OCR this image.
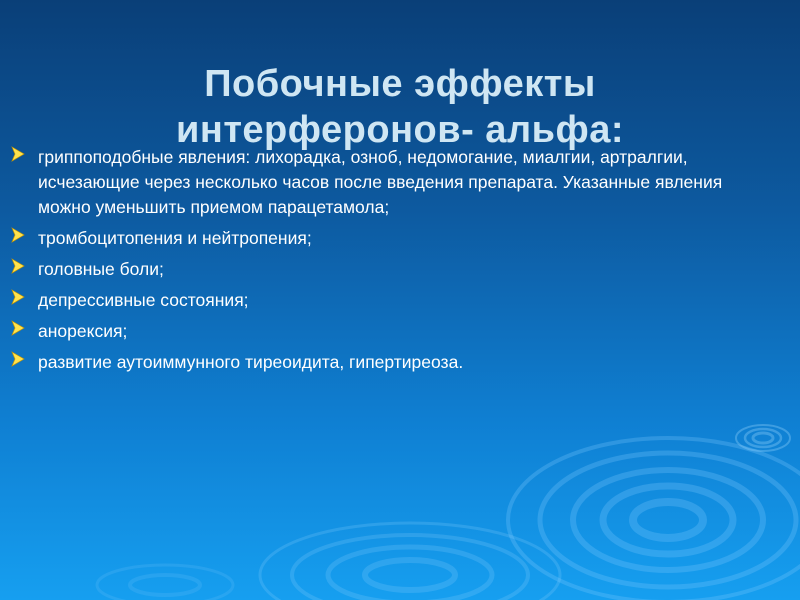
Побочные эффекты
интерферонов- альфа:
гриппоподобные явления: лихорадка, озноб, недомогание, миалгии, артралгии, исчезающие через несколько часов после введения препарата. Указанные явления можно уменьшить приемом парацетамола;
тромбоцитопения и нейтропения;
головные боли;
депрессивные состояния;
анорексия;
развитие аутоиммунного тиреоидита, гипертиреоза.
